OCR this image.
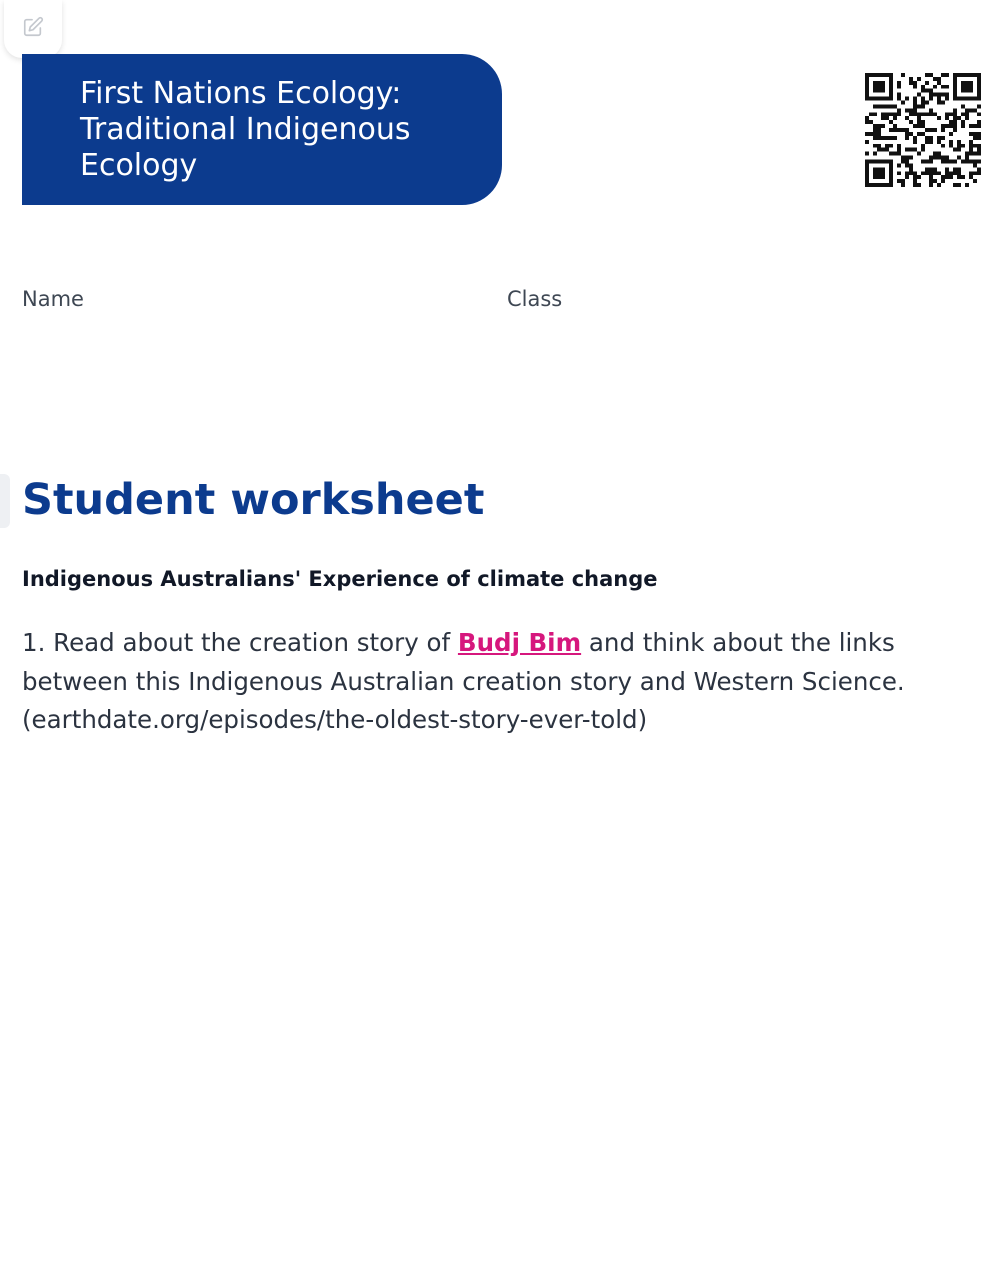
First Nations Ecology:
Traditional Indigenous
Ecology
Name	Class
Student worksheet
Indigenous Australians' Experience of climate change

1. Read about the creation story of Budj Bim and think about the links between this Indigenous Australian creation story and Western Science. (earthdate.org/episodes/the-oldest-story-ever-told)
